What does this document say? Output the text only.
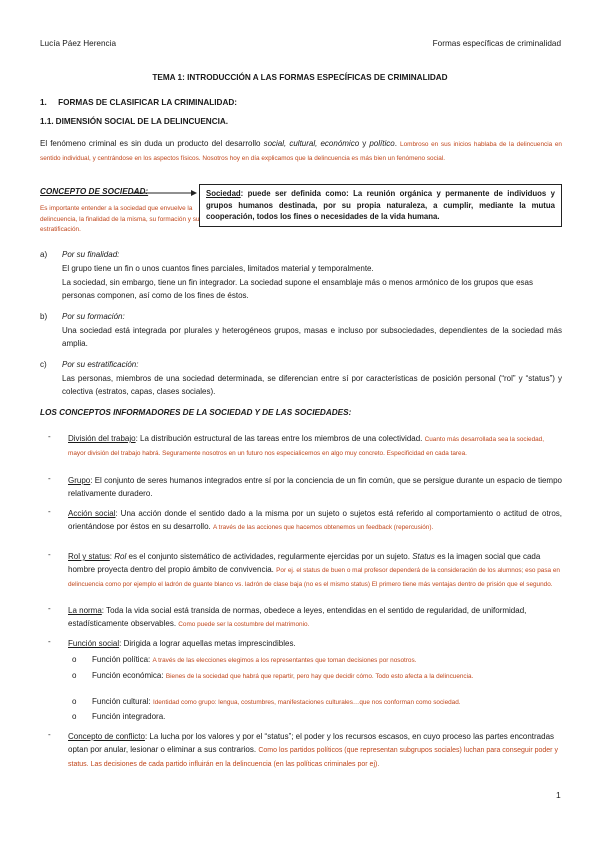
Lucía Páez Herencia	Formas específicas de criminalidad
TEMA 1: INTRODUCCIÓN A LAS FORMAS ESPECÍFICAS DE CRIMINALIDAD
1. FORMAS DE CLASIFICAR LA CRIMINALIDAD:
1.1. DIMENSIÓN SOCIAL DE LA DELINCUENCIA.
El fenómeno criminal es sin duda un producto del desarrollo social, cultural, económico y político. Lombroso en sus inicios hablaba de la delincuencia en sentido individual, y centrándose en los aspectos físicos. Nosotros hoy en día explicamos que la delincuencia es más bien un fenómeno social.
CONCEPTO DE SOCIEDAD:
Es importante entender a la sociedad que envuelve la delincuencia, la finalidad de la misma, su formación y su estratificación.
Sociedad: puede ser definida como: La reunión orgánica y permanente de individuos y grupos humanos destinada, por su propia naturaleza, a cumplir, mediante la mutua cooperación, todos los fines o necesidades de la vida humana.
a) Por su finalidad:
El grupo tiene un fin o unos cuantos fines parciales, limitados material y temporalmente.
La sociedad, sin embargo, tiene un fin integrador. La sociedad supone el ensamblaje más o menos armónico de los grupos que esas personas componen, así como de los fines de éstos.
b) Por su formación:
Una sociedad está integrada por plurales y heterogéneos grupos, masas e incluso por subsociedades, dependientes de la sociedad más amplia.
c) Por su estratificación:
Las personas, miembros de una sociedad determinada, se diferencian entre sí por características de posición personal (“rol” y “status”) y colectiva (estratos, capas, clases sociales).
LOS CONCEPTOS INFORMADORES DE LA SOCIEDAD Y DE LAS SOCIEDADES:
- División del trabajo: La distribución estructural de las tareas entre los miembros de una colectividad. Cuanto más desarrollada sea la sociedad, mayor división del trabajo habrá. Seguramente nosotros en un futuro nos especialicemos en algo muy concreto. Especificidad en cada tarea.
- Grupo: El conjunto de seres humanos integrados entre sí por la conciencia de un fin común, que se persigue durante un espacio de tiempo relativamente duradero.
- Acción social: Una acción donde el sentido dado a la misma por un sujeto o sujetos está referido al comportamiento o actitud de otros, orientándose por éstos en su desarrollo. A través de las acciones que hacemos obtenemos un feedback (repercusión).
- Rol y status: Rol es el conjunto sistemático de actividades, regularmente ejercidas por un sujeto. Status es la imagen social que cada hombre proyecta dentro del propio ámbito de convivencia. Por ej. el status de buen o mal profesor dependerá de la consideración de los alumnos; eso pasa en delincuencia como por ejemplo el ladrón de guante blanco vs. ladrón de clase baja (no es el mismo status) El primero tiene más ventajas dentro de prisión que el segundo.
- La norma: Toda la vida social está transida de normas, obedece a leyes, entendidas en el sentido de regularidad, de uniformidad, estadísticamente observables. Como puede ser la costumbre del matrimonio.
- Función social: Dirigida a lograr aquellas metas imprescindibles.
o Función política: A través de las elecciones elegimos a los representantes que toman decisiones por nosotros.
o Función económica: Bienes de la sociedad que habrá que repartir, pero hay que decidir cómo. Todo esto afecta a la delincuencia.
o Función cultural: Identidad como grupo: lengua, costumbres, manifestaciones culturales…que nos conforman como sociedad.
o Función integradora.
- Concepto de conflicto: La lucha por los valores y por el “status”; el poder y los recursos escasos, en cuyo proceso las partes encontradas optan por anular, lesionar o eliminar a sus contrarios. Como los partidos políticos (que representan subgrupos sociales) luchan para conseguir poder y status. Las decisiones de cada partido influirán en la delincuencia (en las políticas criminales por ej).
1
